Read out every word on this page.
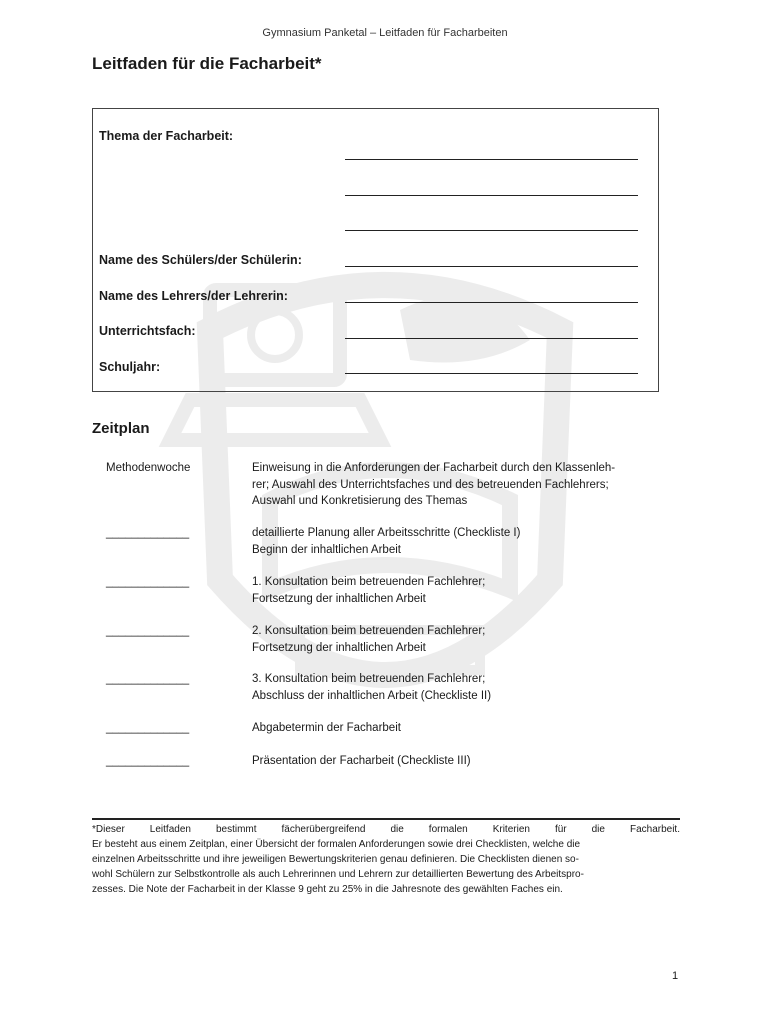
Gymnasium Panketal – Leitfaden für Facharbeiten
Leitfaden für die Facharbeit*
Thema der Facharbeit:
Name des Schülers/der Schülerin:
Name des Lehrers/der Lehrerin:
Unterrichtsfach:
Schuljahr:
Zeitplan
Methodenwoche	Einweisung in die Anforderungen der Facharbeit durch den Klassenleh-
rer; Auswahl des Unterrichtsfaches und des betreuenden Fachlehrers;
Auswahl und Konkretisierung des Themas
_____________	detaillierte Planung aller Arbeitsschritte (Checkliste I)
Beginn der inhaltlichen Arbeit
_____________	1. Konsultation beim betreuenden Fachlehrer;
Fortsetzung der inhaltlichen Arbeit
_____________	2. Konsultation beim betreuenden Fachlehrer;
Fortsetzung der inhaltlichen Arbeit
_____________	3. Konsultation beim betreuenden Fachlehrer;
Abschluss der inhaltlichen Arbeit (Checkliste II)
_____________	Abgabetermin der Facharbeit
_____________	Präsentation der Facharbeit (Checkliste III)
*Dieser Leitfaden bestimmt fächerübergreifend die formalen Kriterien für die Facharbeit.
Er besteht aus einem Zeitplan, einer Übersicht der formalen Anforderungen sowie drei Checklisten, welche die
einzelnen Arbeitsschritte und ihre jeweiligen Bewertungskriterien genau definieren. Die Checklisten dienen so-
wohl Schülern zur Selbstkontrolle als auch Lehrerinnen und Lehrern zur detaillierten Bewertung des Arbeitspro-
zesses. Die Note der Facharbeit in der Klasse 9 geht zu 25% in die Jahresnote des gewählten Faches ein.
1
